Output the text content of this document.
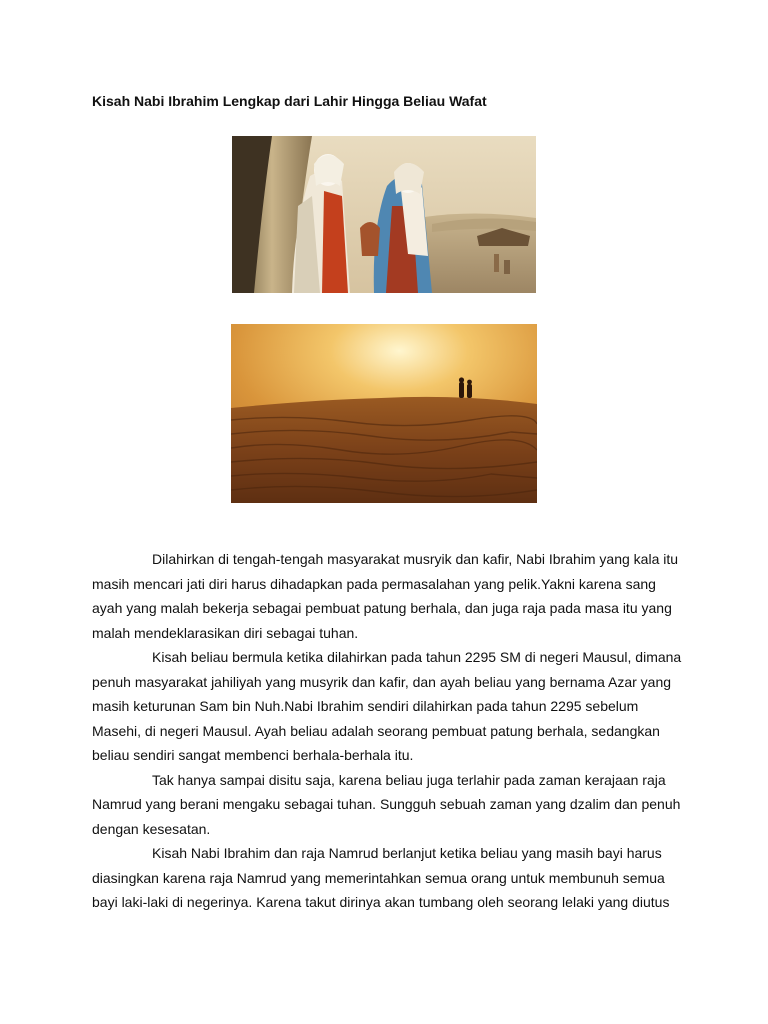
Kisah Nabi Ibrahim Lengkap dari Lahir Hingga Beliau Wafat
Dilahirkan di tengah-tengah masyarakat musryik dan kafir, Nabi Ibrahim yang kala itu
masih mencari jati diri harus dihadapkan pada permasalahan yang pelik.Yakni karena sang
ayah yang malah bekerja sebagai pembuat patung berhala, dan juga raja pada masa itu yang
malah mendeklarasikan diri sebagai tuhan.
Kisah beliau bermula ketika dilahirkan pada tahun 2295 SM di negeri Mausul, dimana
penuh masyarakat jahiliyah yang musyrik dan kafir, dan ayah beliau yang bernama Azar yang
masih keturunan Sam bin Nuh.Nabi Ibrahim sendiri dilahirkan pada tahun 2295 sebelum
Masehi, di negeri Mausul. Ayah beliau adalah seorang pembuat patung berhala, sedangkan
beliau sendiri sangat membenci berhala-berhala itu.
Tak hanya sampai disitu saja, karena beliau juga terlahir pada zaman kerajaan raja
Namrud yang berani mengaku sebagai tuhan. Sungguh sebuah zaman yang dzalim dan penuh
dengan kesesatan.
Kisah Nabi Ibrahim dan raja Namrud berlanjut ketika beliau yang masih bayi harus
diasingkan karena raja Namrud yang memerintahkan semua orang untuk membunuh semua
bayi laki-laki di negerinya. Karena takut dirinya akan tumbang oleh seorang lelaki yang diutus
